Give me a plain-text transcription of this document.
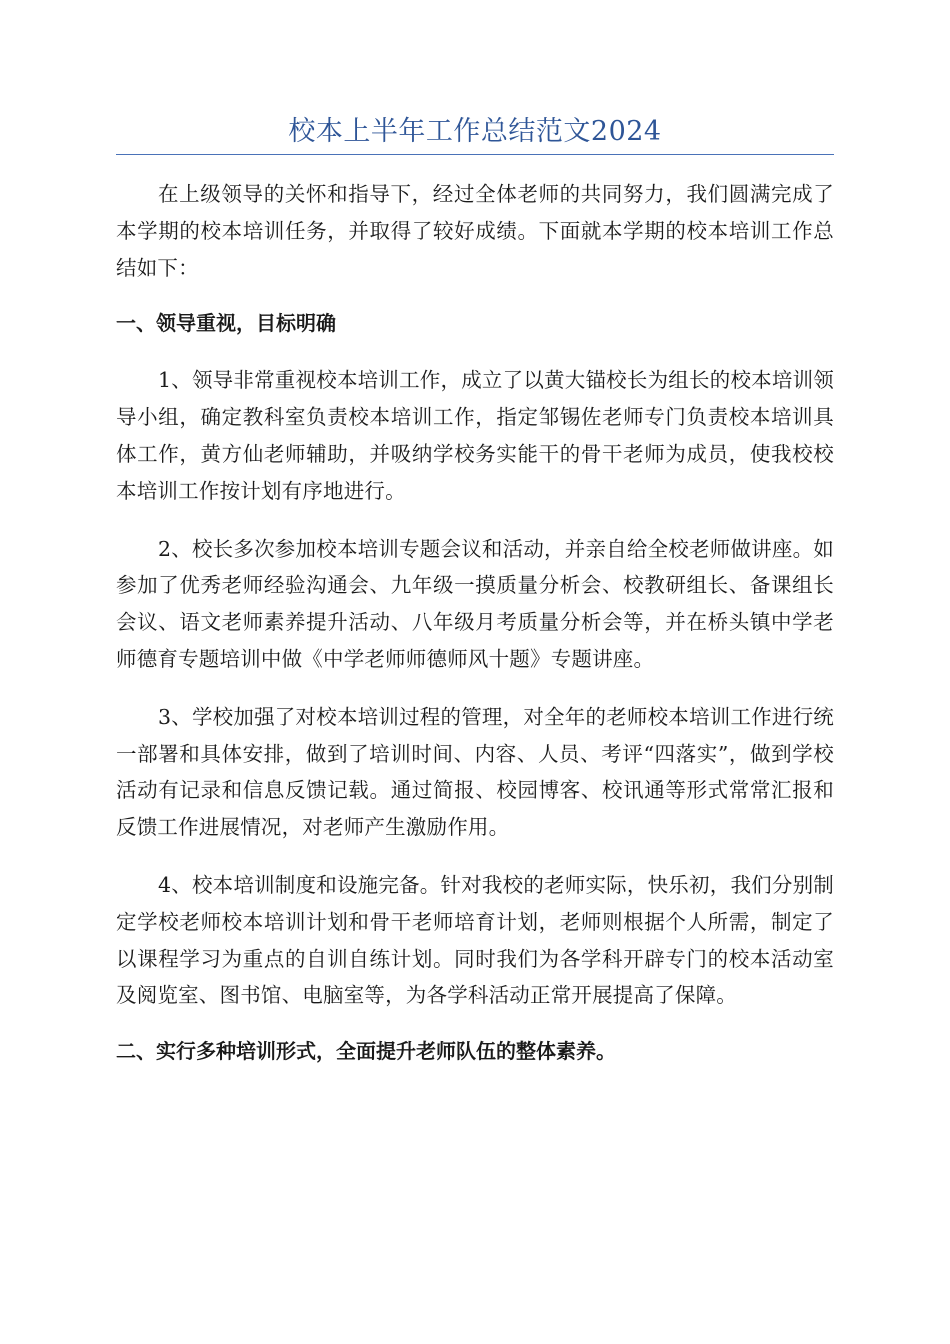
校本上半年工作总结范文2024

在上级领导的关怀和指导下，经过全体老师的共同努力，我们圆满完成了本学期的校本培训任务，并取得了较好成绩。下面就本学期的校本培训工作总结如下：

一、领导重视，目标明确

1、领导非常重视校本培训工作，成立了以黄大锚校长为组长的校本培训领导小组，确定教科室负责校本培训工作，指定邹锡佐老师专门负责校本培训具体工作，黄方仙老师辅助，并吸纳学校务实能干的骨干老师为成员，使我校校本培训工作按计划有序地进行。

2、校长多次参加校本培训专题会议和活动，并亲自给全校老师做讲座。如参加了优秀老师经验沟通会、九年级一摸质量分析会、校教研组长、备课组长会议、语文老师素养提升活动、八年级月考质量分析会等，并在桥头镇中学老师德育专题培训中做《中学老师师德师风十题》专题讲座。

3、学校加强了对校本培训过程的管理，对全年的老师校本培训工作进行统一部署和具体安排，做到了培训时间、内容、人员、考评“四落实”，做到学校活动有记录和信息反馈记载。通过简报、校园博客、校讯通等形式常常汇报和反馈工作进展情况，对老师产生激励作用。

4、校本培训制度和设施完备。针对我校的老师实际，快乐初，我们分别制定学校老师校本培训计划和骨干老师培育计划，老师则根据个人所需，制定了以课程学习为重点的自训自练计划。同时我们为各学科开辟专门的校本活动室及阅览室、图书馆、电脑室等，为各学科活动正常开展提高了保障。

二、实行多种培训形式，全面提升老师队伍的整体素养。
